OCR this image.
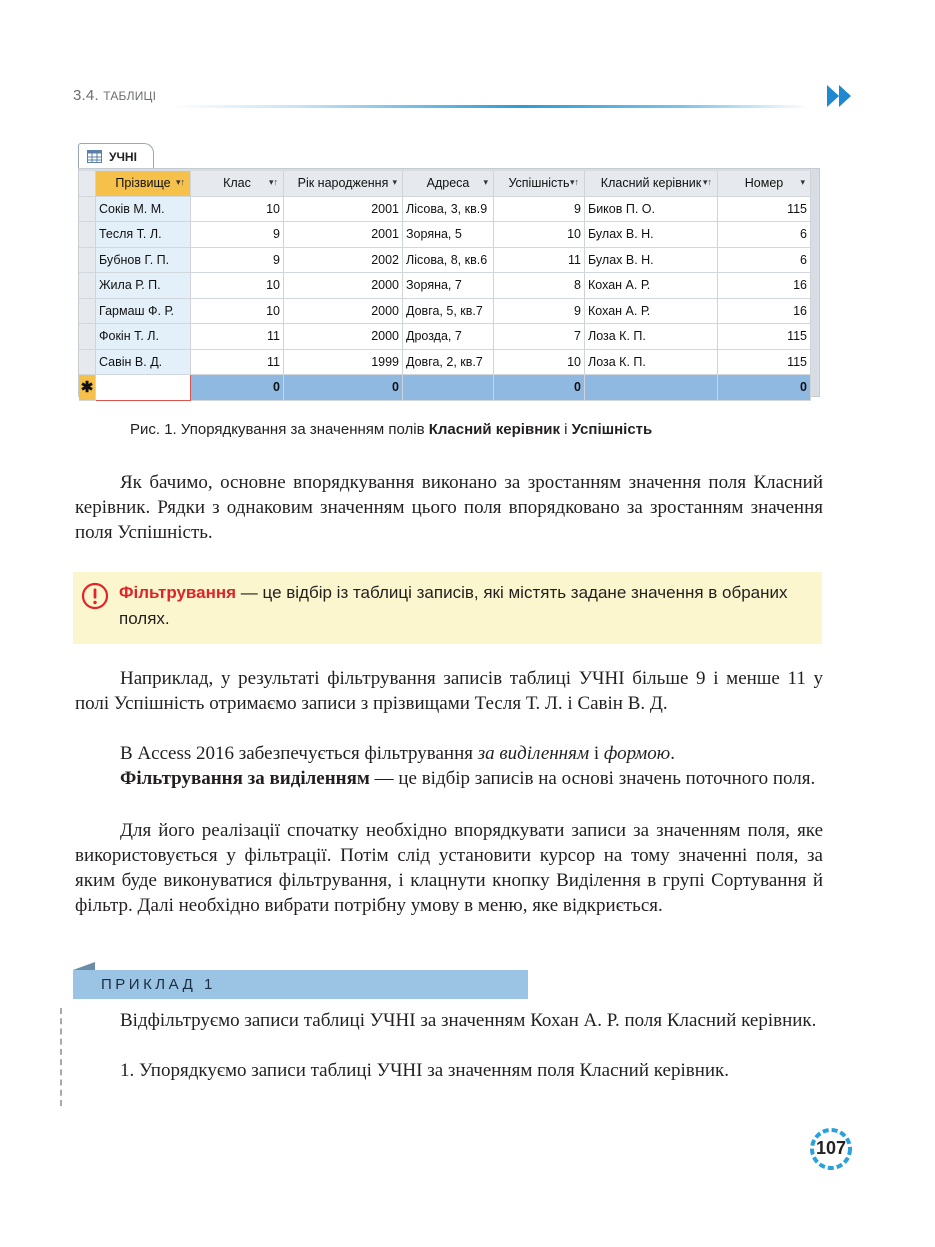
3.4. ТАБЛИЦІ
УЧНІ
	Прізвище ▾↑	Клас ▾↑	Рік народження ▾	Адреса ▾	Успішність ▾↑	Класний керівник ▾↑	Номер ▾

	Соків М. М.	10	2001	Лісова, 3, кв.9	9	Биков П. О.	115
	Тесля Т. Л.	9	2001	Зоряна, 5	10	Булах В. Н.	6
	Бубнов Г. П.	9	2002	Лісова, 8, кв.6	11	Булах В. Н.	6
	Жила Р. П.	10	2000	Зоряна, 7	8	Кохан А. Р.	16
	Гармаш Ф. Р.	10	2000	Довга, 5, кв.7	9	Кохан А. Р.	16
	Фокін Т. Л.	11	2000	Дрозда, 7	7	Лоза К. П.	115
	Савін В. Д.	11	1999	Довга, 2, кв.7	10	Лоза К. П.	115
✱		0	0		0		0
Рис. 1. Упорядкування за значенням полів Класний керівник і Успішність
Як бачимо, основне впорядкування виконано за зростанням значення поля Класний керівник. Рядки з однаковим значенням цього поля впорядковано за зростанням значення поля Успішність.
Фільтрування — це відбір із таблиці записів, які містять задане значення в обраних полях.
Наприклад, у результаті фільтрування записів таблиці УЧНІ більше 9 і менше 11 у полі Успішність отримаємо записи з прізвищами Тесля Т. Л. і Савін В. Д.
В Access 2016 забезпечується фільтрування за виділенням і формою.
Фільтрування за виділенням — це відбір записів на основі значень поточного поля.
Для його реалізації спочатку необхідно впорядкувати записи за значенням поля, яке використовується у фільтрації. Потім слід установити курсор на тому значенні поля, за яким буде виконуватися фільтрування, і клацнути кнопку Виділення в групі Сортування й фільтр. Далі необхідно вибрати потрібну умову в меню, яке відкриється.
ПРИКЛАД 1
Відфільтруємо записи таблиці УЧНІ за значенням Кохан А. Р. поля Класний керівник.
1. Упорядкуємо записи таблиці УЧНІ за значенням поля Класний керівник.
107
